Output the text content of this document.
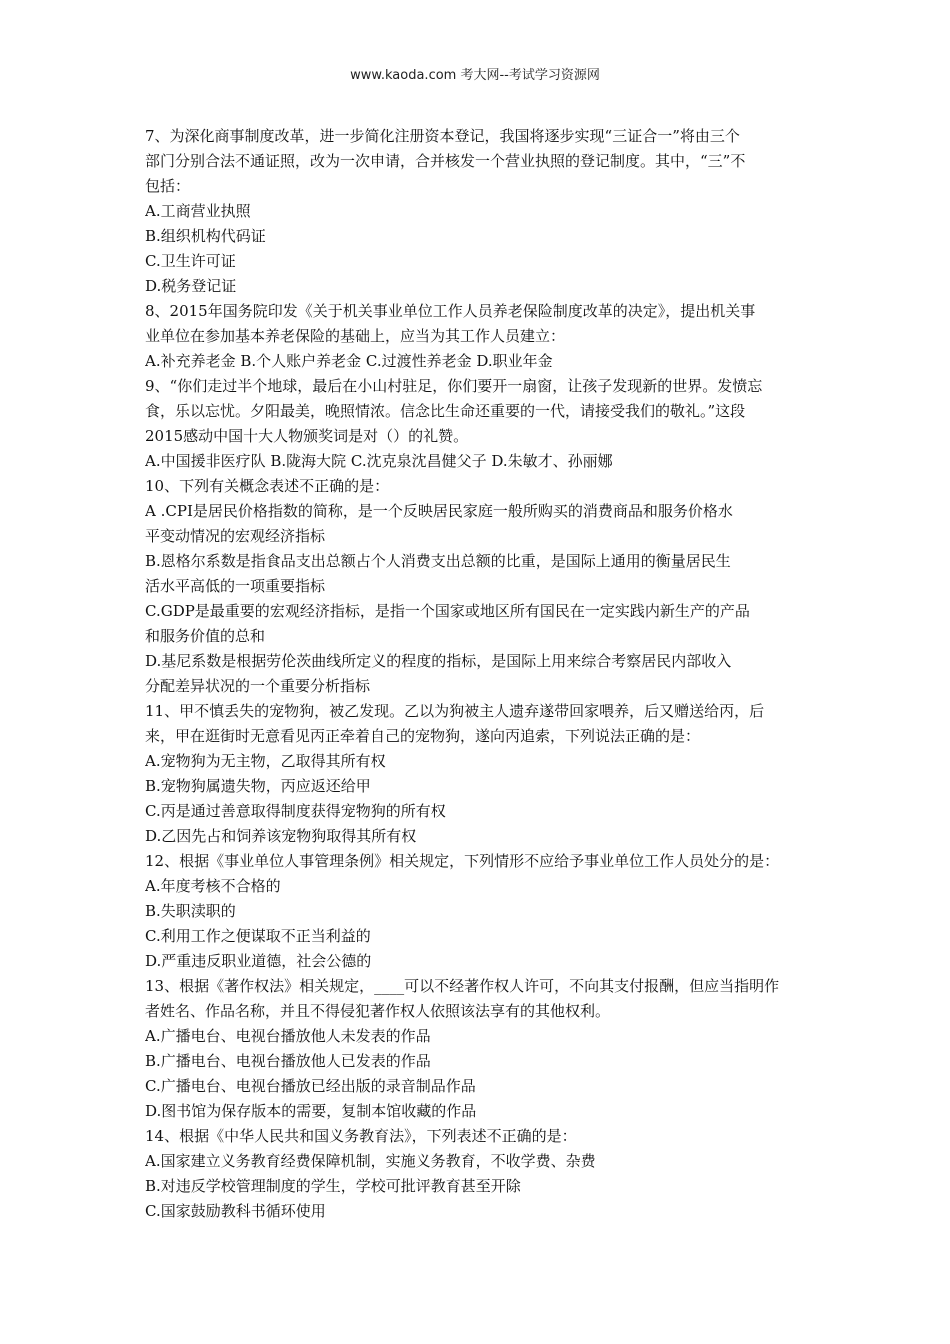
www.kaoda.com 考大网--考试学习资源网
7、为深化商事制度改革，进一步简化注册资本登记，我国将逐步实现“三证合一”将由三个
部门分别合法不通证照，改为一次申请，合并核发一个营业执照的登记制度。其中，“三”不
包括：
A.工商营业执照
B.组织机构代码证
C.卫生许可证
D.税务登记证
8、2015年国务院印发《关于机关事业单位工作人员养老保险制度改革的决定》，提出机关事
业单位在参加基本养老保险的基础上，应当为其工作人员建立：
A.补充养老金 B.个人账户养老金 C.过渡性养老金 D.职业年金
9、“你们走过半个地球，最后在小山村驻足，你们要开一扇窗，让孩子发现新的世界。发愤忘
食，乐以忘忧。夕阳最美，晚照情浓。信念比生命还重要的一代，请接受我们的敬礼。”这段
2015感动中国十大人物颁奖词是对（）的礼赞。
A.中国援非医疗队 B.陇海大院 C.沈克泉沈昌健父子 D.朱敏才、孙丽娜
10、下列有关概念表述不正确的是：
A .CPI是居民价格指数的简称，是一个反映居民家庭一般所购买的消费商品和服务价格水
平变动情况的宏观经济指标
B.恩格尔系数是指食品支出总额占个人消费支出总额的比重，是国际上通用的衡量居民生
活水平高低的一项重要指标
C.GDP是最重要的宏观经济指标，是指一个国家或地区所有国民在一定实践内新生产的产品
和服务价值的总和
D.基尼系数是根据劳伦茨曲线所定义的程度的指标，是国际上用来综合考察居民内部收入
分配差异状况的一个重要分析指标
11、甲不慎丢失的宠物狗，被乙发现。乙以为狗被主人遗弃遂带回家喂养，后又赠送给丙，后
来，甲在逛街时无意看见丙正牵着自己的宠物狗，遂向丙追索，下列说法正确的是：
A.宠物狗为无主物，乙取得其所有权
B.宠物狗属遗失物，丙应返还给甲
C.丙是通过善意取得制度获得宠物狗的所有权
D.乙因先占和饲养该宠物狗取得其所有权
12、根据《事业单位人事管理条例》相关规定，下列情形不应给予事业单位工作人员处分的是：
A.年度考核不合格的
B.失职渎职的
C.利用工作之便谋取不正当利益的
D.严重违反职业道德，社会公德的
13、根据《著作权法》相关规定，____可以不经著作权人许可，不向其支付报酬，但应当指明作
者姓名、作品名称，并且不得侵犯著作权人依照该法享有的其他权利。
A.广播电台、电视台播放他人未发表的作品
B.广播电台、电视台播放他人已发表的作品
C.广播电台、电视台播放已经出版的录音制品作品
D.图书馆为保存版本的需要，复制本馆收藏的作品
14、根据《中华人民共和国义务教育法》，下列表述不正确的是：
A.国家建立义务教育经费保障机制，实施义务教育，不收学费、杂费
B.对违反学校管理制度的学生，学校可批评教育甚至开除
C.国家鼓励教科书循环使用
